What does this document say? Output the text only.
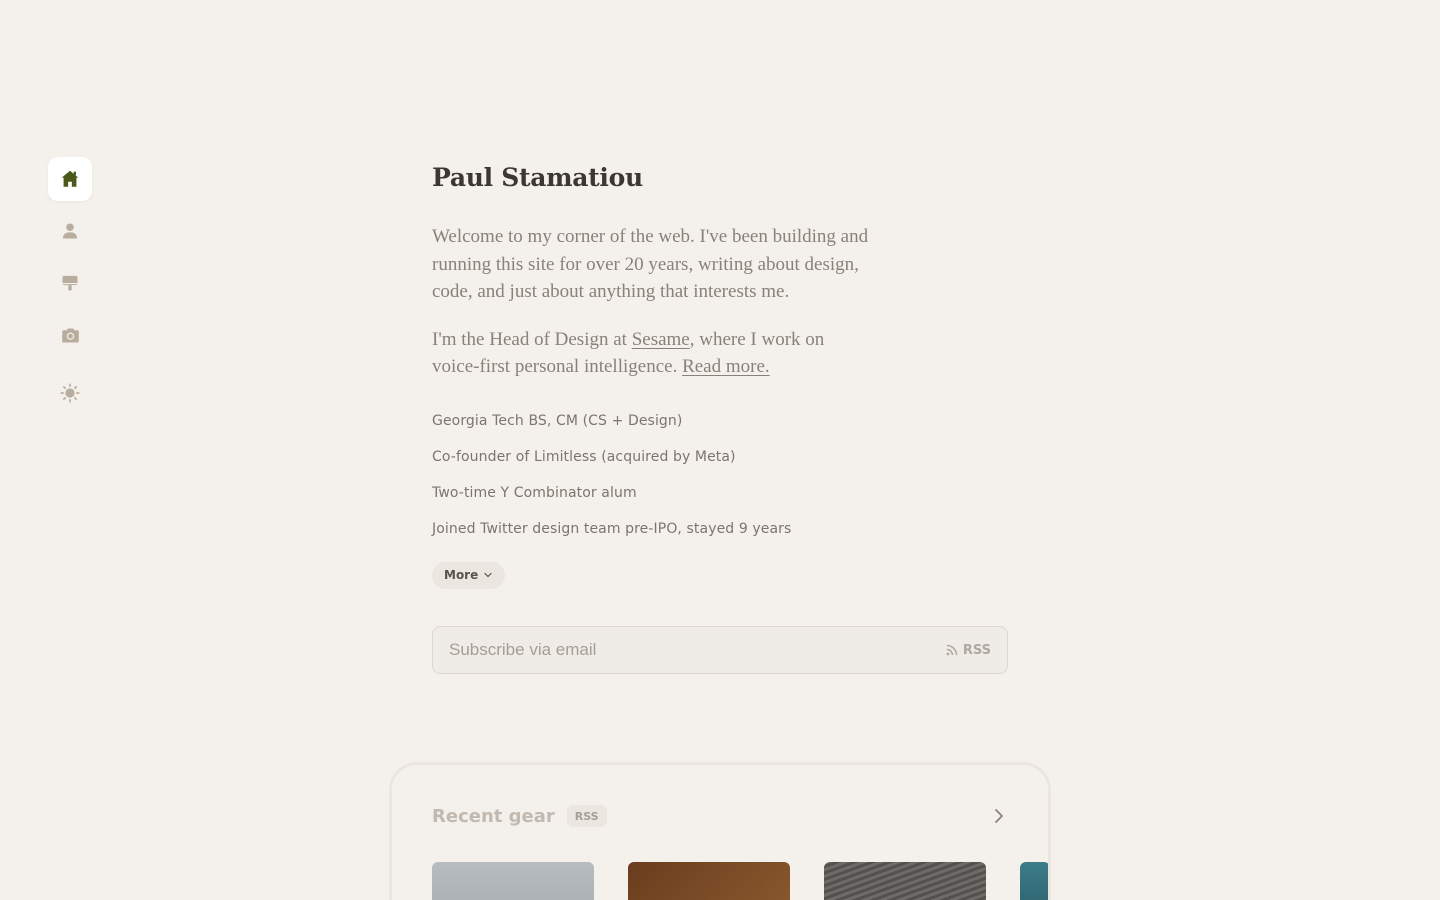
Paul Stamatiou

Welcome to my corner of the web. I've been building and running this site for over 20 years, writing about design, code, and just about anything that interests me.

I'm the Head of Design at Sesame, where I work on voice-first personal intelligence. Read more.

Georgia Tech BS, CM (CS + Design)
Co-founder of Limitless (acquired by Meta)
Two-time Y Combinator alum
Joined Twitter design team pre-IPO, stayed 9 years
More
Subscribe via email
RSS
Recent gear	RSS
